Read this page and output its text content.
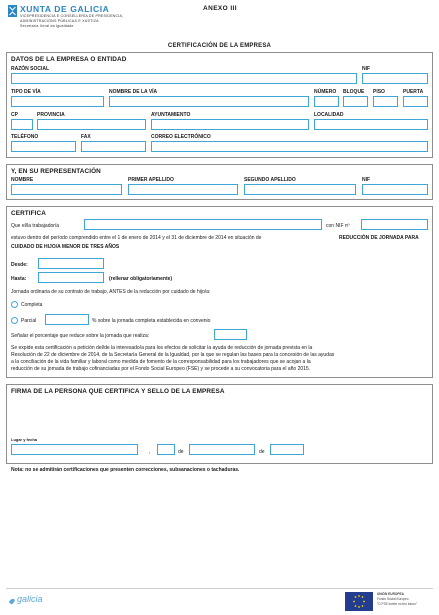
XUNTA DE GALICIA
VICEPRESIDENCIA E CONSELLERÍA DE PRESIDENCIA,
ADMINISTRACIÓNS PÚBLICAS E XUSTIZA
Secretaría Xeral da Igualdade
ANEXO III
CERTIFICACIÓN DE LA EMPRESA
DATOS DE LA EMPRESA O ENTIDAD
RAZÓN SOCIAL	NIF
TIPO DE VÍA	NOMBRE DE LA VÍA	NÚMERO BLOQUE PISO	PUERTA
CP	PROVINCIA	AYUNTAMIENTO	LOCALIDAD
TELÉFONO	FAX	CORREO ELECTRÓNICO
Y, EN SU REPRESENTACIÓN
NOMBRE	PRIMER APELLIDO	SEGUNDO APELLIDO	NIF
CERTIFICA
Que el/la trabajador/a	con NIF nº
estuvo dentro del período comprendido entre el 1 de enero de 2014 y el 31 de diciembre de 2014 en situación de	REDUCCIÓN DE JORNADA PARA
CUIDADO DE HIJO/A MENOR DE TRES AÑOS
Desde:
Hasta:	(rellenar obligatoriamente)
Jornada ordinaria de su contrato de trabajo, ANTES de la reducción por cuidado de hijo/a:
Completa
Parcial	% sobre la jornada completa establecida en convenio
Señalar el porcentaje que reduce sobre la jornada que realiza:
Se expide esta certificación a petición del/de la interesado/a para los efectos de solicitar la ayuda de reducción de jornada prevista en la
Resolución de 22 de diciembre de 2014, de la Secretaría General de la Igualdad, por la que se regulan las bases para la concesión de las ayudas
a la conciliación de la vida familiar y laboral como medida de fomento de la corresponsabilidad para los trabajadores que se acojan a la
reducción de su jornada de trabajo cofinanciadas por el Fondo Social Europeo (FSE) y se procede a su convocatoria para el año 2015.
FIRMA DE LA PERSONA QUE CERTIFICA Y SELLO DE LA EMPRESA
Lugar y fecha
,	de	de
Nota: no se admitirán certificaciones que presenten correcciones, subsanaciones o tachaduras.
galicia	UNIÓN EUROPEA
Fondo Social Europeo
"O FSE invirte no teu futuro"
